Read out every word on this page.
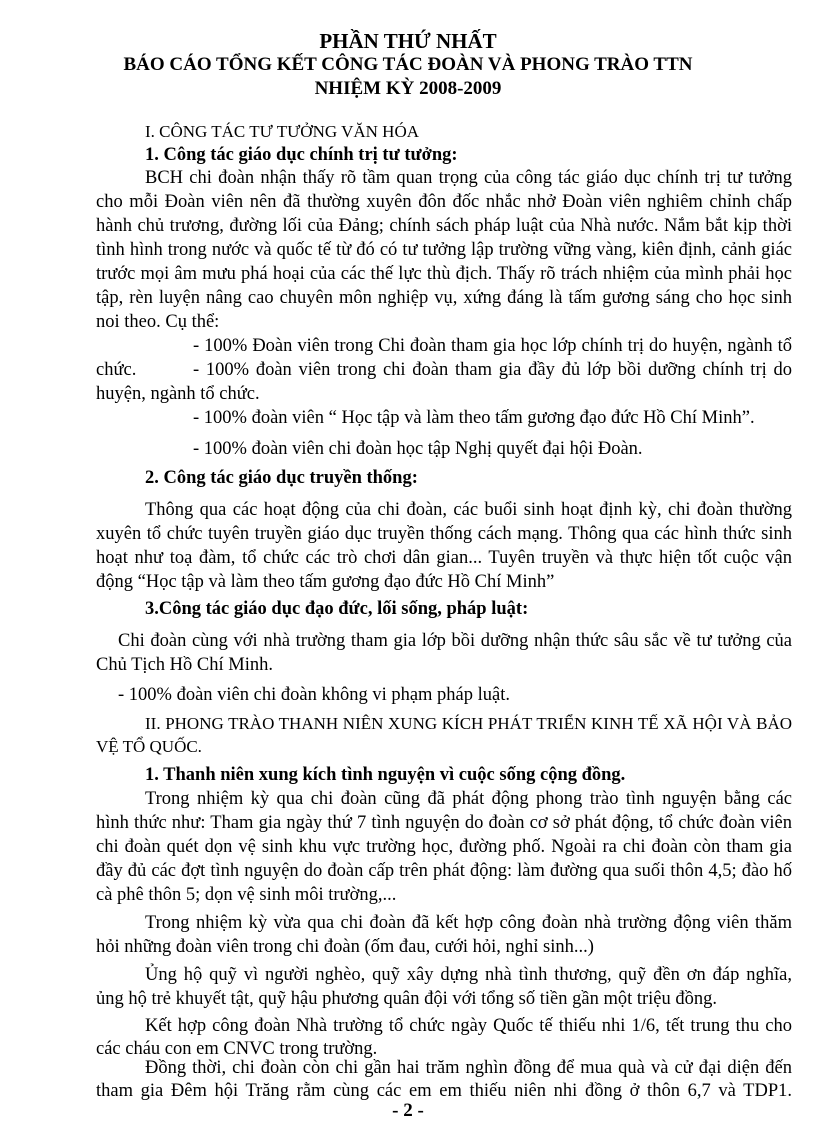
PHẦN THỨ NHẤT
BÁO CÁO TỔNG KẾT CÔNG TÁC ĐOÀN VÀ PHONG TRÀO TTN
NHIỆM KỲ 2008-2009
I. CÔNG TÁC TƯ TƯỞNG VĂN HÓA
1. Công tác giáo dục chính trị tư tưởng:
BCH chi đoàn nhận thấy rõ tầm quan trọng của công tác giáo dục chính trị tư tưởng
cho mỗi Đoàn viên nên đã thường xuyên đôn đốc nhắc nhở Đoàn viên nghiêm chỉnh chấp
hành chủ trương, đường lối của Đảng; chính sách pháp luật của Nhà nước. Nắm bắt kịp thời
tình hình trong nước và quốc tế từ đó có tư tưởng lập trường vững vàng, kiên định, cảnh giác
trước mọi âm mưu phá hoại của các thế lực thù địch. Thấy rõ trách nhiệm của mình phải học
tập, rèn luyện nâng cao chuyên môn nghiệp vụ, xứng đáng là tấm gương sáng cho học sinh
noi theo. Cụ thể:
- 100% Đoàn viên trong Chi đoàn tham gia học lớp chính trị do huyện, ngành tổ
chức.	- 100% đoàn viên trong chi đoàn tham gia đầy đủ lớp bồi dưỡng chính trị do
huyện, ngành tổ chức.
- 100% đoàn viên “ Học tập và làm theo tấm gương đạo đức Hồ Chí Minh”.
- 100% đoàn viên chi đoàn học tập Nghị quyết đại hội Đoàn.
2. Công tác giáo dục truyền thống:
Thông qua các hoạt động của chi đoàn, các buổi sinh hoạt định kỳ, chi đoàn thường
xuyên tổ chức tuyên truyền giáo dục truyền thống cách mạng. Thông qua các hình thức sinh
hoạt như toạ đàm, tổ chức các trò chơi dân gian... Tuyên truyền và thực hiện tốt cuộc vận
động “Học tập và làm theo tấm gương đạo đức Hồ Chí Minh”
3.Công tác giáo dục đạo đức, lối sống, pháp luật:
Chi đoàn cùng với nhà trường tham gia lớp bồi dưỡng nhận thức sâu sắc về tư tưởng của
Chủ Tịch Hồ Chí Minh.
- 100% đoàn viên chi đoàn không vi phạm pháp luật.
II. PHONG TRÀO THANH NIÊN XUNG KÍCH PHÁT TRIỂN KINH TẾ XÃ HỘI VÀ BẢO
VỆ TỔ QUỐC.
1. Thanh niên xung kích tình nguyện vì cuộc sống cộng đồng.
Trong nhiệm kỳ qua chi đoàn cũng đã phát động phong trào tình nguyện bằng các
hình thức như: Tham gia ngày thứ 7 tình nguyện do đoàn cơ sở phát động, tổ chức đoàn viên
chi đoàn quét dọn vệ sinh khu vực trường học, đường phố. Ngoài ra chi đoàn còn tham gia
đầy đủ các đợt tình nguyện do đoàn cấp trên phát động: làm đường qua suối thôn 4,5; đào hố
cà phê thôn 5; dọn vệ sinh môi trường,...
Trong nhiệm kỳ vừa qua chi đoàn đã kết hợp công đoàn nhà trường động viên thăm
hỏi những đoàn viên trong chi đoàn (ốm đau, cưới hỏi, nghỉ sinh...)
Ủng hộ quỹ vì người nghèo, quỹ xây dựng nhà tình thương, quỹ đền ơn đáp nghĩa,
ủng hộ trẻ khuyết tật, quỹ hậu phương quân đội với tổng số tiền gần một triệu đồng.
Kết hợp công đoàn Nhà trường tổ chức ngày Quốc tế thiếu nhi 1/6, tết trung thu cho
các cháu con em CNVC trong trường.
Đồng thời, chi đoàn còn chi gần hai trăm nghìn đồng để mua quà và cử đại diện đến
tham gia Đêm hội Trăng rằm cùng các em em thiếu niên nhi đồng ở thôn 6,7 và TDP1.
- 2 -
